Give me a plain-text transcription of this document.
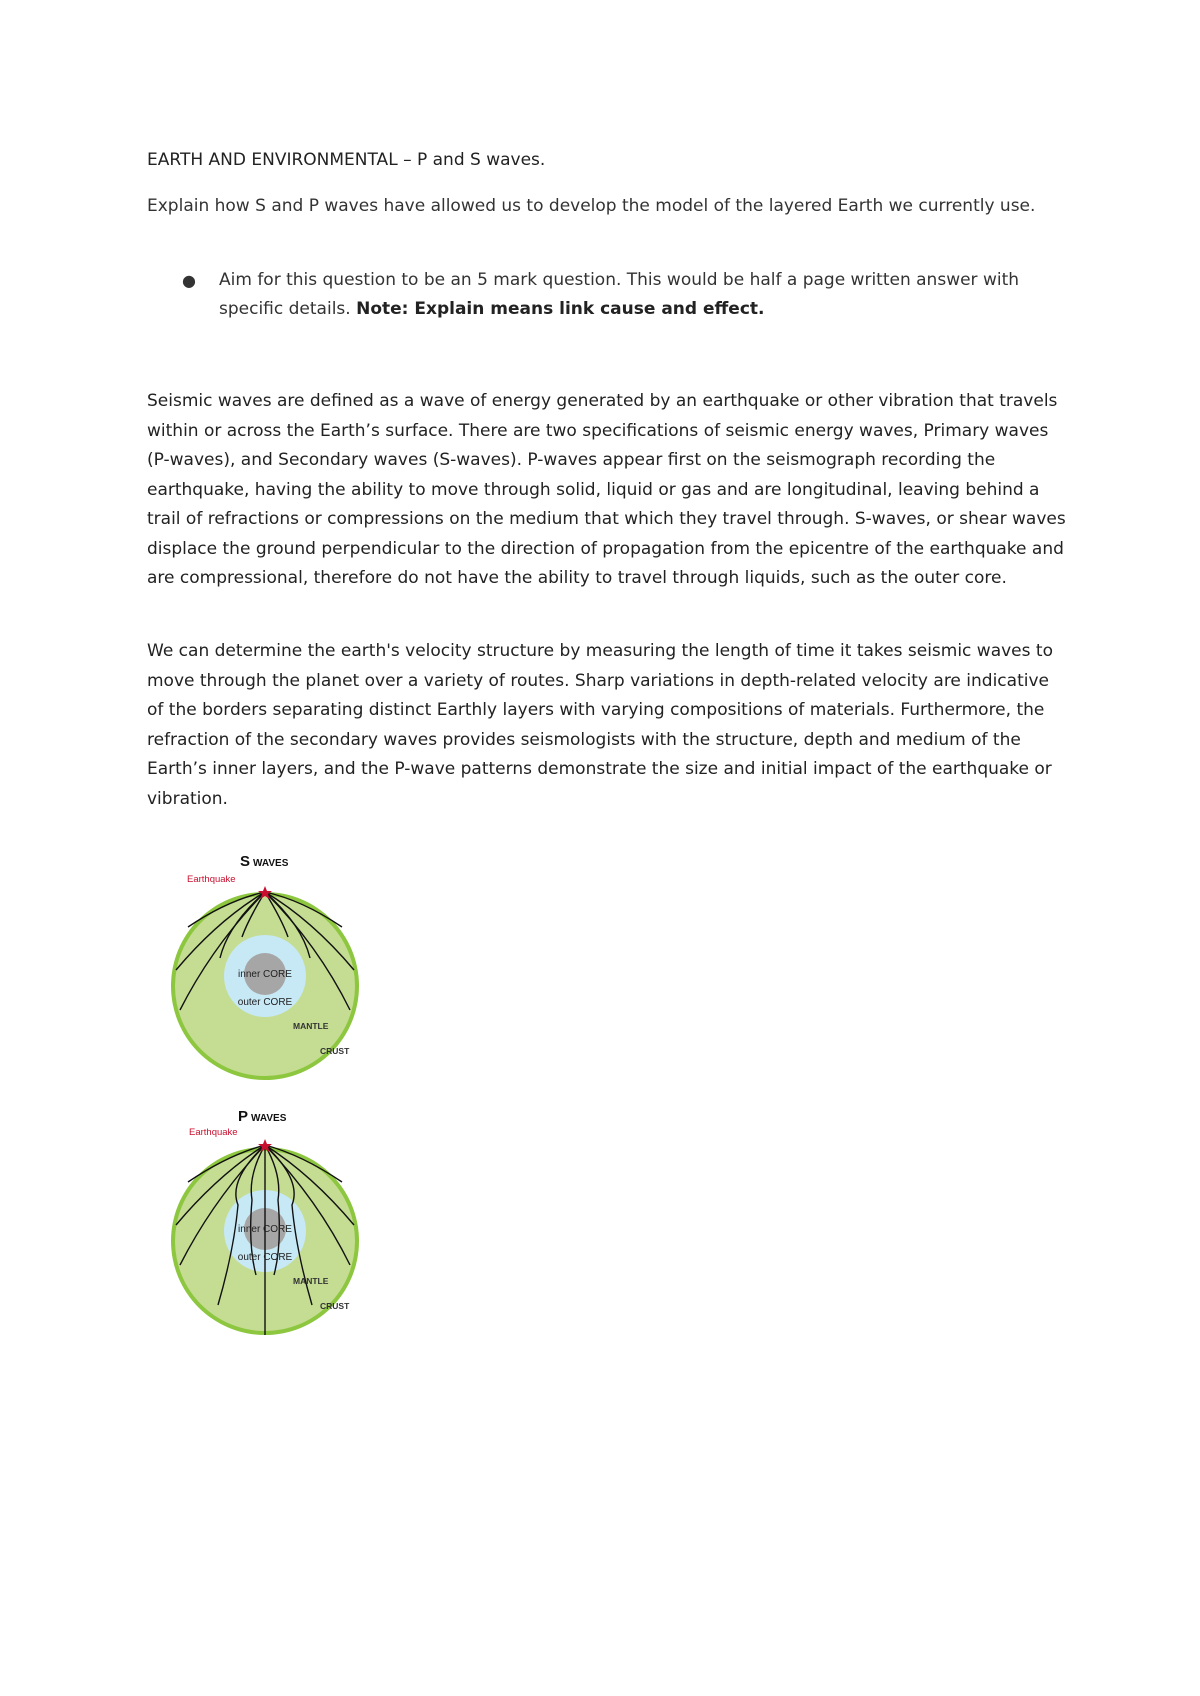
EARTH AND ENVIRONMENTAL – P and S waves.
Explain how S and P waves have allowed us to develop the model of the layered Earth we currently use.
● Aim for this question to be an 5 mark question. This would be half a page written answer with specific details. Note: Explain means link cause and effect.

Seismic waves are defined as a wave of energy generated by an earthquake or other vibration that travels within or across the Earth’s surface. There are two specifications of seismic energy waves, Primary waves (P-waves), and Secondary waves (S-waves). P-waves appear first on the seismograph recording the earthquake, having the ability to move through solid, liquid or gas and are longitudinal, leaving behind a trail of refractions or compressions on the medium that which they travel through. S-waves, or shear waves displace the ground perpendicular to the direction of propagation from the epicentre of the earthquake and are compressional, therefore do not have the ability to travel through liquids, such as the outer core.

We can determine the earth's velocity structure by measuring the length of time it takes seismic waves to move through the planet over a variety of routes. Sharp variations in depth-related velocity are indicative of the borders separating distinct Earthly layers with varying compositions of materials. Furthermore, the refraction of the secondary waves provides seismologists with the structure, depth and medium of the Earth’s inner layers, and the P-wave patterns demonstrate the size and initial impact of the earthquake or vibration.

SWAVES
Earthquake
inner CORE
outer CORE
MANTLE
CRUST
PWAVES
Earthquake
inner CORE
outer CORE
MANTLE
CRUST
